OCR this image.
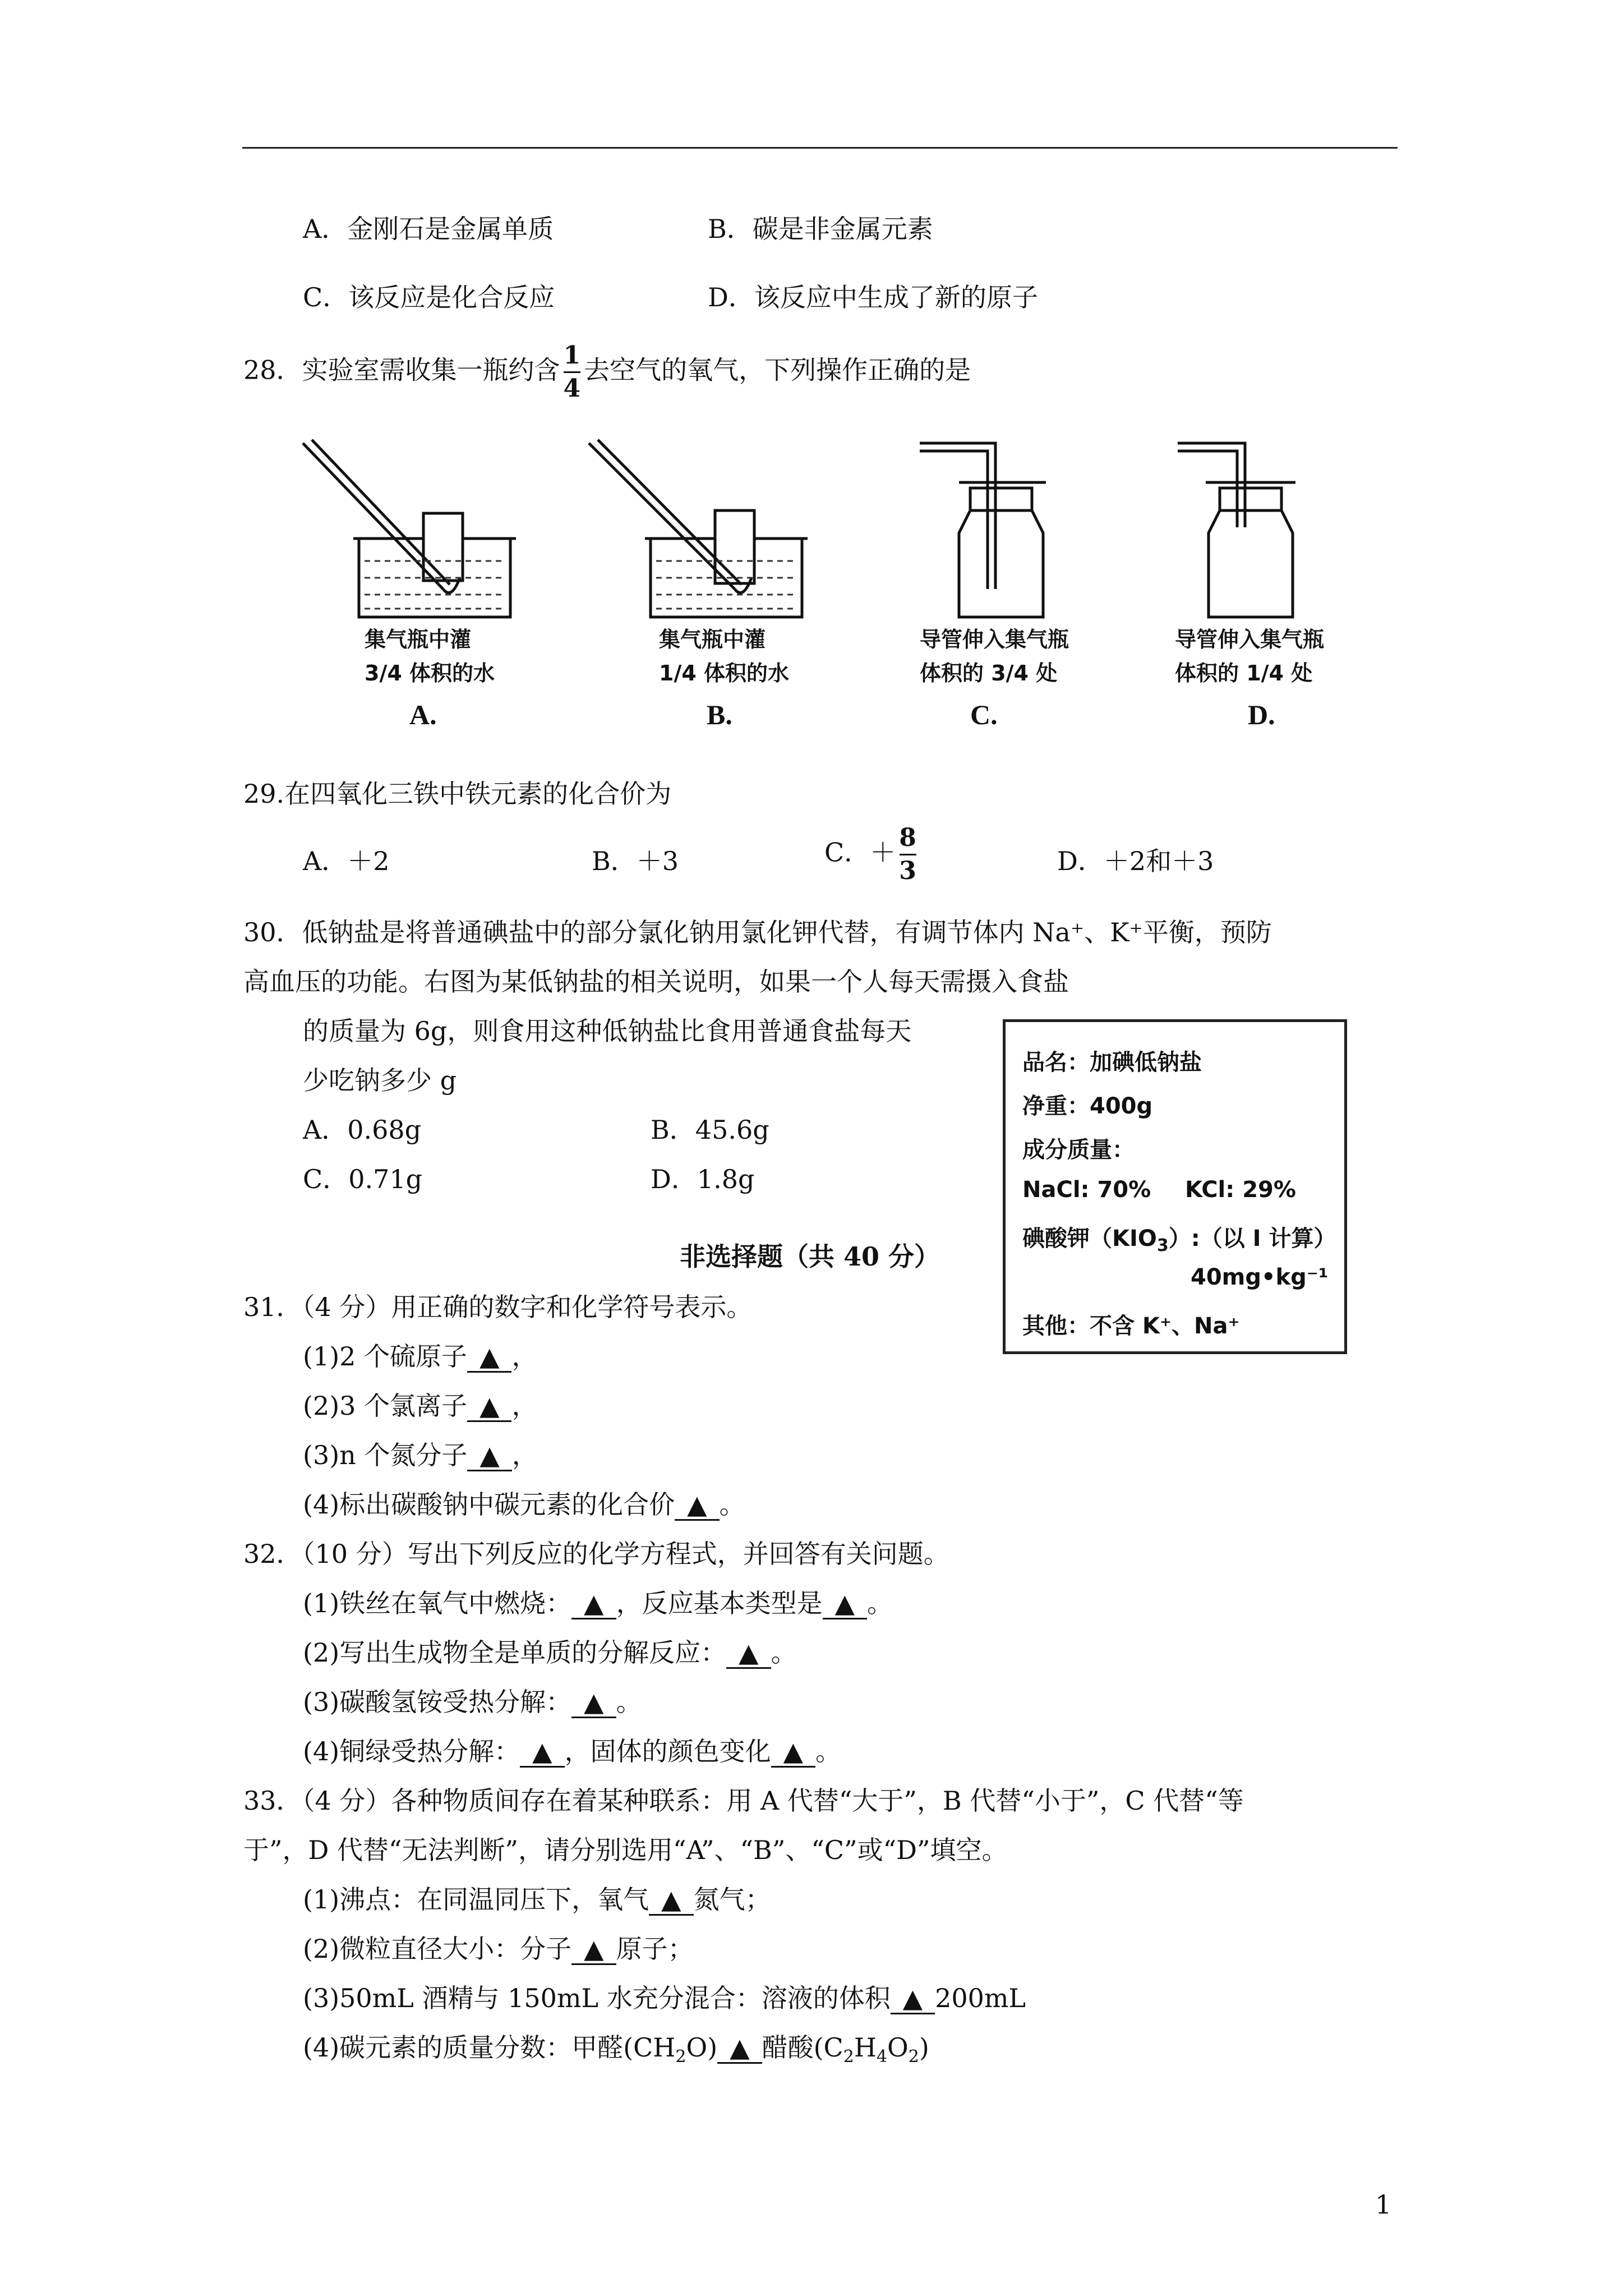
A．金刚石是金属单质	B．碳是非金属元素
C．该反应是化合反应	D．该反应中生成了新的原子
28．实验室需收集一瓶约含 $\frac{1}{4}$ 去空气的氧气，下列操作正确的是
集气瓶中灌
3/4 体积的水
A.
集气瓶中灌
1/4 体积的水
B.
导管伸入集气瓶
体积的 3/4 处
C.
导管伸入集气瓶
体积的 1/4 处
D.
29.在四氧化三铁中铁元素的化合价为
A．＋2	B．＋3	C．＋ $\frac{8}{3}$	D．＋2和＋3
30．低钠盐是将普通碘盐中的部分氯化钠用氯化钾代替，有调节体内 Na⁺、K⁺平衡，预防
高血压的功能。右图为某低钠盐的相关说明，如果一个人每天需摄入食盐
的质量为 6g，则食用这种低钠盐比食用普通食盐每天
少吃钠多少 g
A．0.68g	B．45.6g
C．0.71g	D．1.8g
品名：加碘低钠盐
净重：400g
成分质量：
NaCl: 70% KCl: 29%
碘酸钾$(KIO_3)$:（以 I 计算）
40mg•kg⁻¹
其他：不含 K⁺、Na⁺
非选择题（共 40 分）
31．（4 分）用正确的数字和化学符号表示。
(1)2 个硫原子 ▲ ，
(2)3 个氯离子 ▲ ，
(3)n 个氮分子 ▲ ，
(4)标出碳酸钠中碳元素的化合价 ▲ 。
32．（10 分）写出下列反应的化学方程式，并回答有关问题。
(1)铁丝在氧气中燃烧： ▲ ，反应基本类型是 ▲ 。
(2)写出生成物全是单质的分解反应： ▲ 。
(3)碳酸氢铵受热分解： ▲ 。
(4)铜绿受热分解： ▲ ，固体的颜色变化 ▲ 。
33．（4 分）各种物质间存在着某种联系：用 A 代替“大于”，B 代替“小于”，C 代替“等
于”，D 代替“无法判断”，请分别选用“A”、“B”、“C”或“D”填空。
(1)沸点：在同温同压下，氧气 ▲ 氮气；
(2)微粒直径大小：分子 ▲ 原子；
(3)50mL 酒精与 150mL 水充分混合：溶液的体积 ▲ 200mL
(4)碳元素的质量分数：甲醛$(CH_2O)$ ▲ 醋酸$(C_2H_4O_2)$
1
